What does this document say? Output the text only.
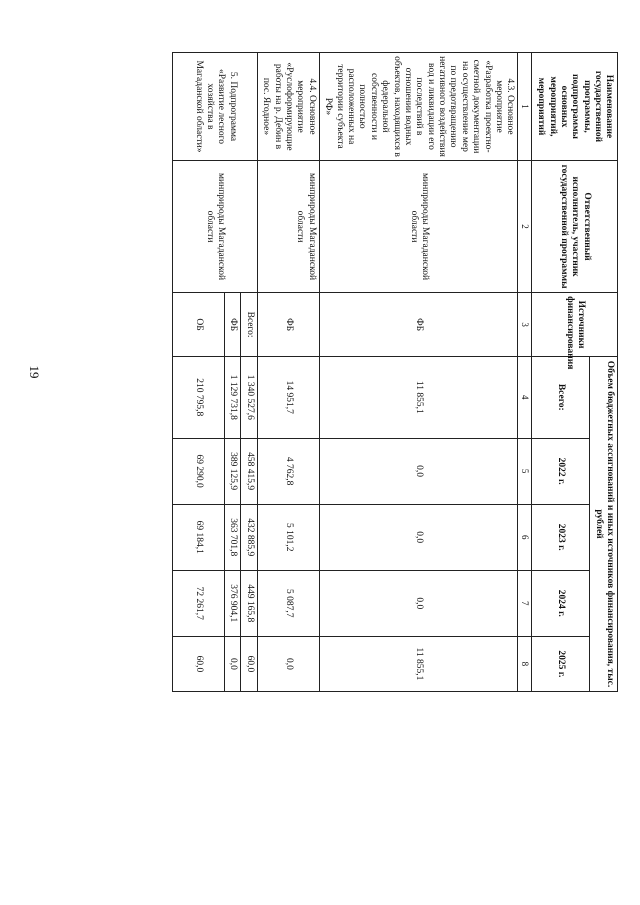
19
Наименование государственной программы, подпрограммы основных мероприятий, мероприятий	Ответственный исполнитель, участник государственной программы	Источники финансирования	Объем бюджетных ассигнований и иных источников финансирования, тыс. рублей				
			Всего:	2022 г.	2023 г.	2024 г.	2025 г.
1	2	3	4	5	6	7	8
4.3. Основное мероприятие «Разработка проектно-сметной документации на осуществление мер по предотвращению негативного воздействия вод и ликвидации его последствий в отношении водных объектов, находящихся в федеральной собственности и полностью расположенных на территории субъекта РФ»	минприроды Магаданской области	ФБ	11 855,1	0,0	0,0	0,0	11 855,1
4.4. Основное мероприятие «Руслоформирующие работы на р. Дебин в пос. Ягодное»	минприроды Магаданской области	ФБ	14 951,7	4 762,8	5 101,2	5 087,7	0,0
5. Подпрограмма «Развитие лесного хозяйства в Магаданской области»	минприроды Магаданской области	Всего:	1 340 527,6	458 415,9	432 885,9	449 165,8	60,0
		ФБ	1 129 731,8	389 125,9	363 701,8	376 904,1	0,0
		ОБ	210 795,8	69 290,0	69 184,1	72 261,7	60,0
